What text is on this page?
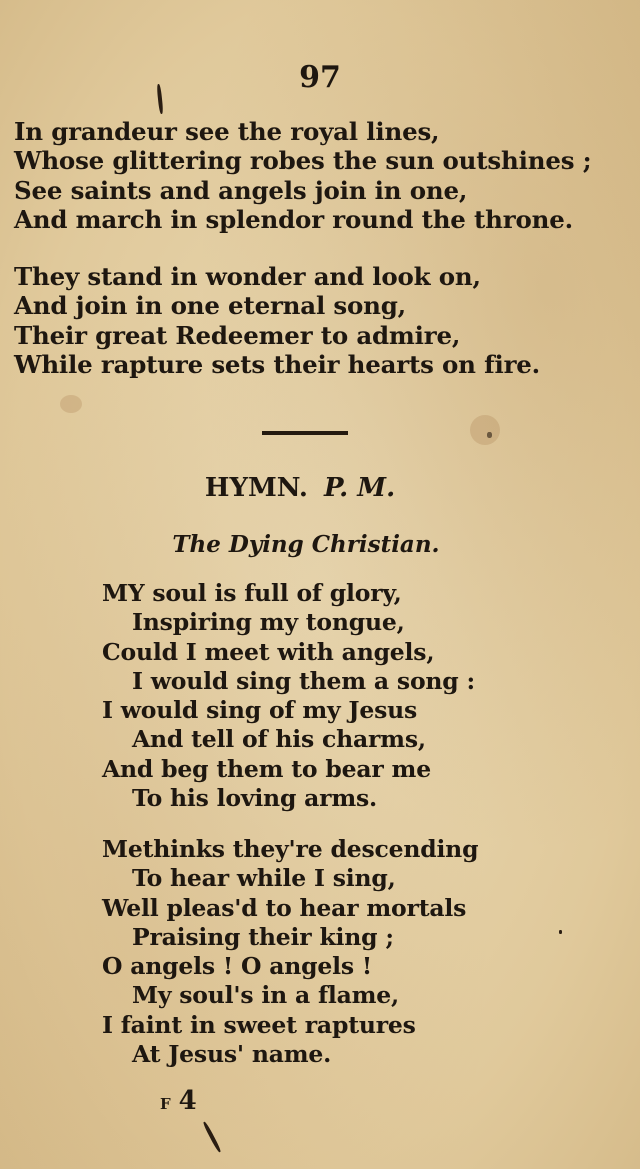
97
In grandeur see the royal lines,
Whose glittering robes the sun outshines ;
See saints and angels join in one,
And march in splendor round the throne.
They stand in wonder and look on,
And join in one eternal song,
Their great Redeemer to admire,
While rapture sets their hearts on fire.
HYMN. P. M.
The Dying Christian.
MY soul is full of glory,
Inspiring my tongue,
Could I meet with angels,
I would sing them a song :
I would sing of my Jesus
And tell of his charms,
And beg them to bear me
To his loving arms.
Methinks they're descending
To hear while I sing,
Well pleas'd to hear mortals
Praising their king ;
O angels ! O angels !
My soul's in a flame,
I faint in sweet raptures
At Jesus' name.
F 4
